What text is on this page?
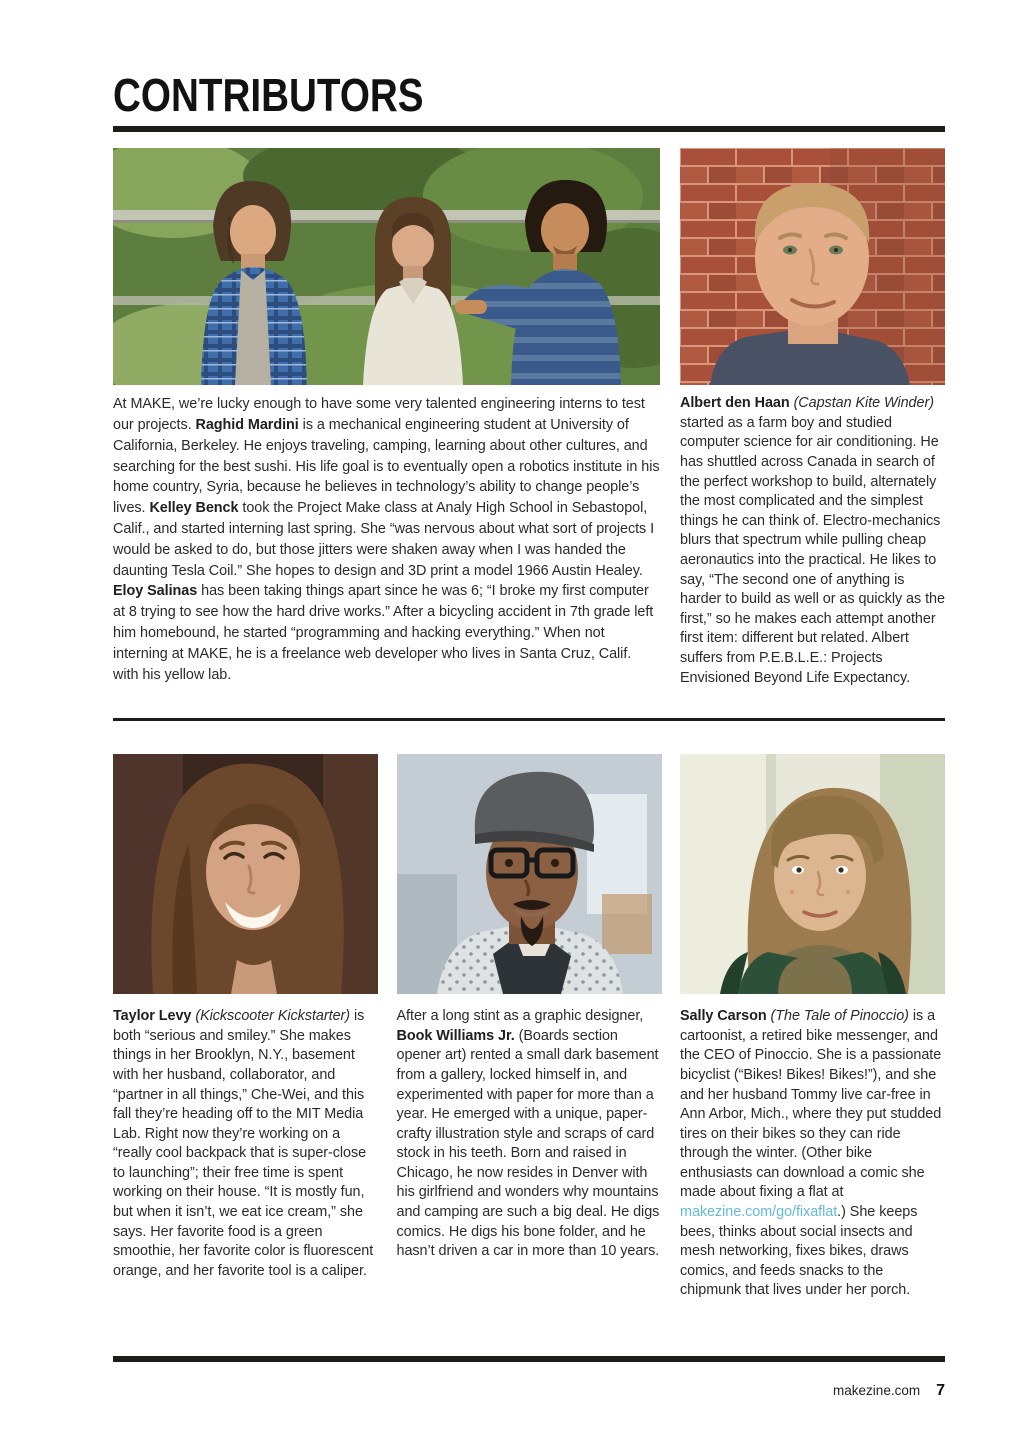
CONTRIBUTORS

At MAKE, we’re lucky enough to have some very talented engineering interns to test our projects. Raghid Mardini is a mechanical engineering student at University of California, Berkeley. He enjoys traveling, camping, learning about other cultures, and searching for the best sushi. His life goal is to eventually open a robotics institute in his home country, Syria, because he believes in technology’s ability to change people’s lives. Kelley Benck took the Project Make class at Analy High School in Sebastopol, Calif., and started interning last spring. She “was nervous about what sort of projects I would be asked to do, but those jitters were shaken away when I was handed the daunting Tesla Coil.” She hopes to design and 3D print a model 1966 Austin Healey. Eloy Salinas has been taking things apart since he was 6; “I broke my first computer at 8 trying to see how the hard drive works.” After a bicycling accident in 7th grade left him homebound, he started “programming and hacking everything.” When not interning at MAKE, he is a freelance web developer who lives in Santa Cruz, Calif. with his yellow lab.

Albert den Haan (Capstan Kite Winder) started as a farm boy and studied computer science for air conditioning. He has shuttled across Canada in search of the perfect workshop to build, alternately the most complicated and the simplest things he can think of. Electro-mechanics blurs that spectrum while pulling cheap aeronautics into the practical. He likes to say, “The second one of anything is harder to build as well or as quickly as the first,” so he makes each attempt another first item: different but related. Albert suffers from P.E.B.L.E.: Projects Envisioned Beyond Life Expectancy.

Taylor Levy (Kickscooter Kickstarter) is both “serious and smiley.” She makes things in her Brooklyn, N.Y., basement with her husband, collaborator, and “partner in all things,” Che-Wei, and this fall they’re heading off to the MIT Media Lab. Right now they’re working on a “really cool backpack that is super-close to launching”; their free time is spent working on their house. “It is mostly fun, but when it isn’t, we eat ice cream,” she says. Her favorite food is a green smoothie, her favorite color is fluorescent orange, and her favorite tool is a caliper.

After a long stint as a graphic designer, Book Williams Jr. (Boards section opener art) rented a small dark basement from a gallery, locked himself in, and experimented with paper for more than a year. He emerged with a unique, paper-crafty illustration style and scraps of card stock in his teeth. Born and raised in Chicago, he now resides in Denver with his girlfriend and wonders why mountains and camping are such a big deal. He digs comics. He digs his bone folder, and he hasn’t driven a car in more than 10 years.

Sally Carson (The Tale of Pinoccio) is a cartoonist, a retired bike messenger, and the CEO of Pinoccio. She is a passionate bicyclist (“Bikes! Bikes! Bikes!”), and she and her husband Tommy live car-free in Ann Arbor, Mich., where they put studded tires on their bikes so they can ride through the winter. (Other bike enthusiasts can download a comic she made about fixing a flat at makezine.com/go/fixaflat.) She keeps bees, thinks about social insects and mesh networking, fixes bikes, draws comics, and feeds snacks to the chipmunk that lives under her porch.

makezine.com 7
